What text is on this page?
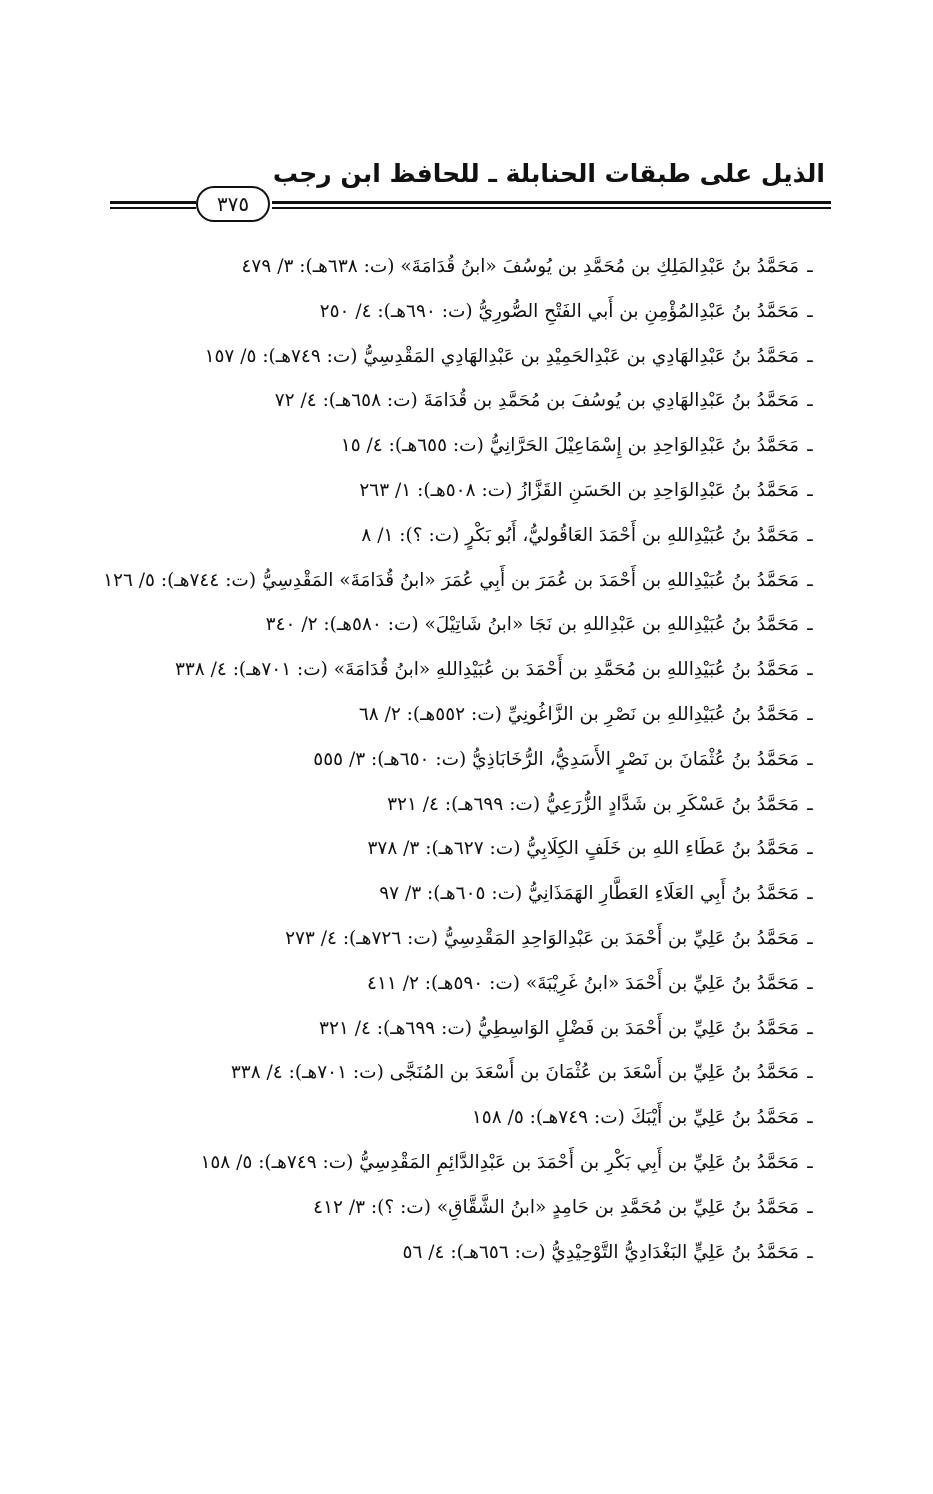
الذيل على طبقات الحنابلة ـ للحافظ ابن رجب
٣٧٥
ـمَحَمَّدُ بنُ عَبْدِالمَلِكِ بن مُحَمَّدِ بن يُوسُفَ «ابنُ قُدَامَةَ» (ت: ٦٣٨هـ): ٣/ ٤٧٩
ـمَحَمَّدُ بنُ عَبْدِالمُؤْمِنِ بن أَبي الفَتْحِ الصُّورِيُّ (ت: ٦٩٠هـ): ٤/ ٢٥٠
ـمَحَمَّدُ بنُ عَبْدِالهَادِي بن عَبْدِالحَمِيْدِ بن عَبْدِالهَادِي المَقْدِسِيُّ (ت: ٧٤٩هـ): ٥/ ١٥٧
ـمَحَمَّدُ بنُ عَبْدِالهَادِي بن يُوسُفَ بن مُحَمَّدِ بن قُدَامَةَ (ت: ٦٥٨هـ): ٤/ ٧٢
ـمَحَمَّدُ بنُ عَبْدِالوَاحِدِ بن إِسْمَاعِيْلَ الحَرَّانِيُّ (ت: ٦٥٥هـ): ٤/ ١٥
ـمَحَمَّدُ بنُ عَبْدِالوَاحِدِ بن الحَسَنِ القَزَّازُ (ت: ٥٠٨هـ): ١/ ٢٦٣
ـمَحَمَّدُ بنُ عُبَيْدِاللهِ بن أَحْمَدَ العَاقُوليُّ، أَبُو بَكْرٍ (ت: ؟): ١/ ٨
ـمَحَمَّدُ بنُ عُبَيْدِاللهِ بن أَحْمَدَ بن عُمَرَ بن أَبِي عُمَرَ «ابنُ قُدَامَةَ» المَقْدِسِيُّ (ت: ٧٤٤هـ): ٥/ ١٢٦
ـمَحَمَّدُ بنُ عُبَيْدِاللهِ بن عَبْدِاللهِ بن نَجَا «ابنُ شَاتِيْلَ» (ت: ٥٨٠هـ): ٢/ ٣٤٠
ـمَحَمَّدُ بنُ عُبَيْدِاللهِ بن مُحَمَّدِ بن أَحْمَدَ بن عُبَيْدِاللهِ «ابنُ قُدَامَةَ» (ت: ٧٠١هـ): ٤/ ٣٣٨
ـمَحَمَّدُ بنُ عُبَيْدِاللهِ بن نَصْرِ بن الزَّاغُونِيِّ (ت: ٥٥٢هـ): ٢/ ٦٨
ـمَحَمَّدُ بنُ عُثْمَانَ بن نَصْرٍ الأَسَدِيُّ، الرُّخَابَاذِيُّ (ت: ٦٥٠هـ): ٣/ ٥٥٥
ـمَحَمَّدُ بنُ عَسْكَرِ بن شَدَّادٍ الزُّرَعِيُّ (ت: ٦٩٩هـ): ٤/ ٣٢١
ـمَحَمَّدُ بنُ عَطَاءِ اللهِ بن خَلَفٍ الكِلَابِيُّ (ت: ٦٢٧هـ): ٣/ ٣٧٨
ـمَحَمَّدُ بنُ أَبِي العَلَاءِ العَطَّارِ الهَمَذَانِيُّ (ت: ٦٠٥هـ): ٣/ ٩٧
ـمَحَمَّدُ بنُ عَلِيِّ بن أَحْمَدَ بن عَبْدِالوَاحِدِ المَقْدِسِيُّ (ت: ٧٢٦هـ): ٤/ ٢٧٣
ـمَحَمَّدُ بنُ عَلِيِّ بن أَحْمَدَ «ابنُ غَرِيْبَةَ» (ت: ٥٩٠هـ): ٢/ ٤١١
ـمَحَمَّدُ بنُ عَلِيِّ بن أَحْمَدَ بن فَضْلٍ الوَاسِطِيُّ (ت: ٦٩٩هـ): ٤/ ٣٢١
ـمَحَمَّدُ بنُ عَلِيِّ بن أَسْعَدَ بن عُثْمَانَ بن أَسْعَدَ بن المُنَجَّى (ت: ٧٠١هـ): ٤/ ٣٣٨
ـمَحَمَّدُ بنُ عَلِيِّ بن أَيْبَكَ (ت: ٧٤٩هـ): ٥/ ١٥٨
ـمَحَمَّدُ بنُ عَلِيِّ بن أَبِي بَكْرِ بن أَحْمَدَ بن عَبْدِالدَّائِمِ المَقْدِسِيُّ (ت: ٧٤٩هـ): ٥/ ١٥٨
ـمَحَمَّدُ بنُ عَلِيِّ بن مُحَمَّدِ بن حَامِدٍ «ابنُ الشَّقَّاقِ» (ت: ؟): ٣/ ٤١٢
ـمَحَمَّدُ بنُ عَلِيٍّ البَغْدَادِيُّ التَّوْحِيْدِيُّ (ت: ٦٥٦هـ): ٤/ ٥٦
